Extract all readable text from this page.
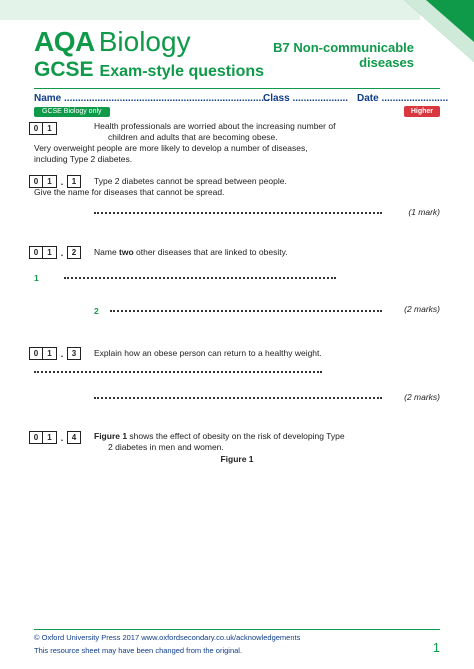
AQA Biology
GCSE Exam-style questions
B7 Non-communicable
diseases
Name ..........................................................................
Class .................... Date ........................
GCSE Biology only	Higher
0	1	Health professionals are worried about the increasing number of
children and adults that are becoming obese.
Very overweight people are more likely to develop a number of diseases,
including Type 2 diabetes.
0	1	.	1	Type 2 diabetes cannot be spread between people.
Give the name for diseases that cannot be spread.
(1 mark)
0	1	.	2	Name two other diseases that are linked to obesity.
1
2	(2 marks)
0	1	.	3	Explain how an obese person can return to a healthy weight.
(2 marks)
0	1	.	4	Figure 1 shows the effect of obesity on the risk of developing Type
2 diabetes in men and women.
Figure 1
© Oxford University Press 2017 www.oxfordsecondary.co.uk/acknowledgements
This resource sheet may have been changed from the original.	1
